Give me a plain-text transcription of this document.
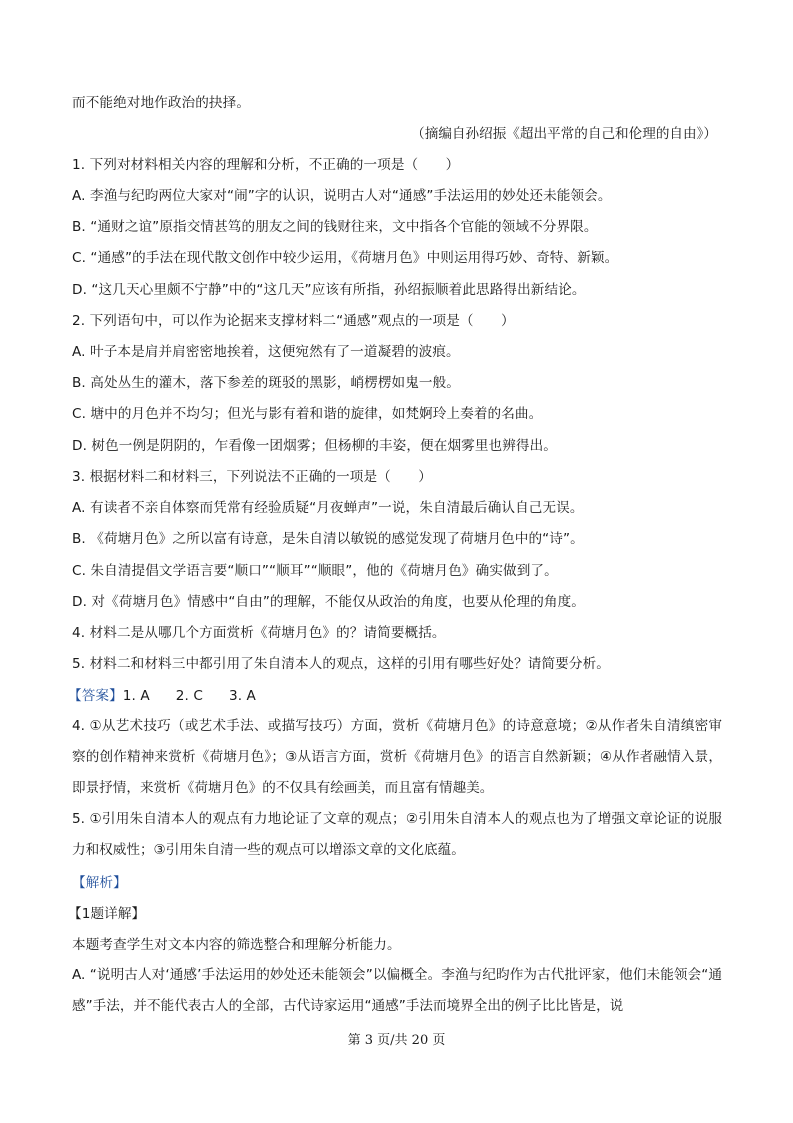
而不能绝对地作政治的抉择。
（摘编自孙绍振《超出平常的自己和伦理的自由》）
1. 下列对材料相关内容的理解和分析，不正确的一项是（　　）
A. 李渔与纪昀两位大家对“闹”字的认识，说明古人对“通感”手法运用的妙处还未能领会。
B. “通财之谊”原指交情甚笃的朋友之间的钱财往来，文中指各个官能的领域不分界限。
C. “通感”的手法在现代散文创作中较少运用，《荷塘月色》中则运用得巧妙、奇特、新颖。
D. “这几天心里颇不宁静”中的“这几天”应该有所指，孙绍振顺着此思路得出新结论。
2. 下列语句中，可以作为论据来支撑材料二“通感”观点的一项是（　　）
A. 叶子本是肩并肩密密地挨着，这便宛然有了一道凝碧的波痕。
B. 高处丛生的灌木，落下参差的斑驳的黑影，峭楞楞如鬼一般。
C. 塘中的月色并不均匀；但光与影有着和谐的旋律，如梵婀玲上奏着的名曲。
D. 树色一例是阴阴的，乍看像一团烟雾；但杨柳的丰姿，便在烟雾里也辨得出。
3. 根据材料二和材料三，下列说法不正确的一项是（　　）
A. 有读者不亲自体察而凭常有经验质疑“月夜蝉声”一说，朱自清最后确认自己无误。
B. 《荷塘月色》之所以富有诗意，是朱自清以敏锐的感觉发现了荷塘月色中的“诗”。
C. 朱自清提倡文学语言要“顺口”“顺耳”“顺眼”，他的《荷塘月色》确实做到了。
D. 对《荷塘月色》情感中“自由”的理解，不能仅从政治的角度，也要从伦理的角度。
4. 材料二是从哪几个方面赏析《荷塘月色》的？请简要概括。
5. 材料二和材料三中都引用了朱自清本人的观点，这样的引用有哪些好处？请简要分析。
【答案】1. A 2. C 3. A
4. ①从艺术技巧（或艺术手法、或描写技巧）方面，赏析《荷塘月色》的诗意意境；②从作者朱自清缜密审察的创作精神来赏析《荷塘月色》；③从语言方面，赏析《荷塘月色》的语言自然新颖；④从作者融情入景，即景抒情，来赏析《荷塘月色》的不仅具有绘画美，而且富有情趣美。
5. ①引用朱自清本人的观点有力地论证了文章的观点；②引用朱自清本人的观点也为了增强文章论证的说服力和权威性；③引用朱自清一些的观点可以增添文章的文化底蕴。
【解析】
【1题详解】
本题考查学生对文本内容的筛选整合和理解分析能力。
A. “说明古人对‘通感’手法运用的妙处还未能领会”以偏概全。李渔与纪昀作为古代批评家，他们未能领会“通感”手法，并不能代表古人的全部，古代诗家运用“通感”手法而境界全出的例子比比皆是，说
第 3 页/共 20 页
